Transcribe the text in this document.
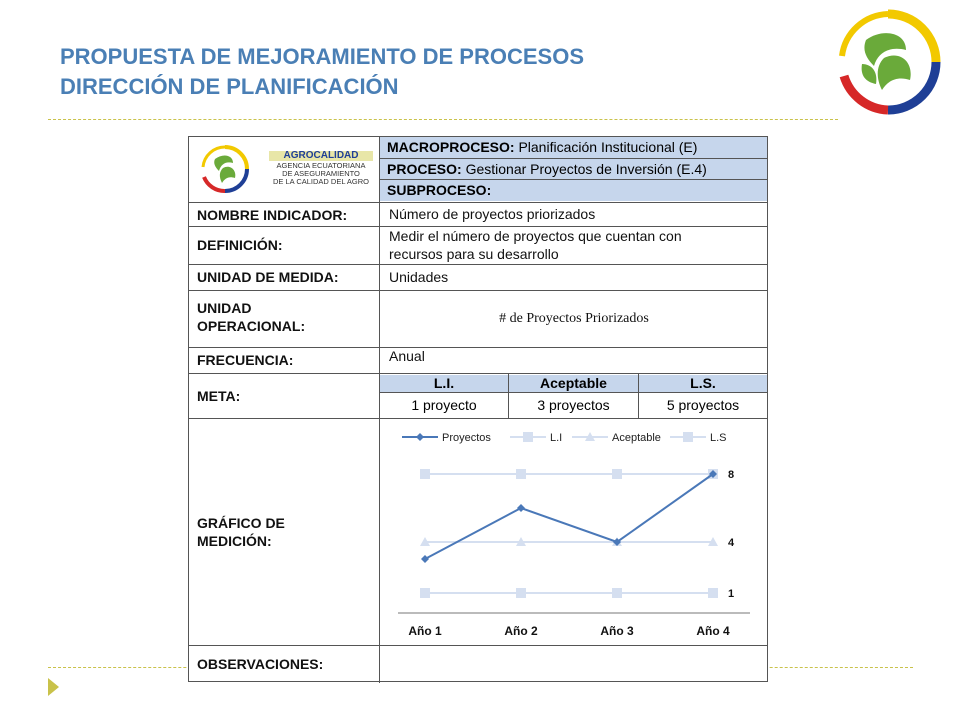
PROPUESTA DE MEJORAMIENTO DE PROCESOS
DIRECCIÓN DE PLANIFICACIÓN
AGROCALIDAD
AGENCIA ECUATORIANA
DE ASEGURAMIENTO
DE LA CALIDAD DEL AGRO
MACROPROCESO: Planificación Institucional (E)
PROCESO: Gestionar Proyectos de Inversión (E.4)
SUBPROCESO:
NOMBRE INDICADOR:	Número de proyectos priorizados
DEFINICIÓN:
Medir el número de proyectos que cuentan con
recursos para su desarrollo
UNIDAD DE MEDIDA:	Unidades
UNIDAD
OPERACIONAL:	# de Proyectos Priorizados
FRECUENCIA:	Anual
META:
L.I.	Aceptable	L.S.
1 proyecto	3 proyectos	5 proyectos
GRÁFICO DE
MEDICIÓN:
8
4
1
Año 1	Año 2	Año 3	Año 4
Proyectos	L.I	Aceptable	L.S
OBSERVACIONES:
